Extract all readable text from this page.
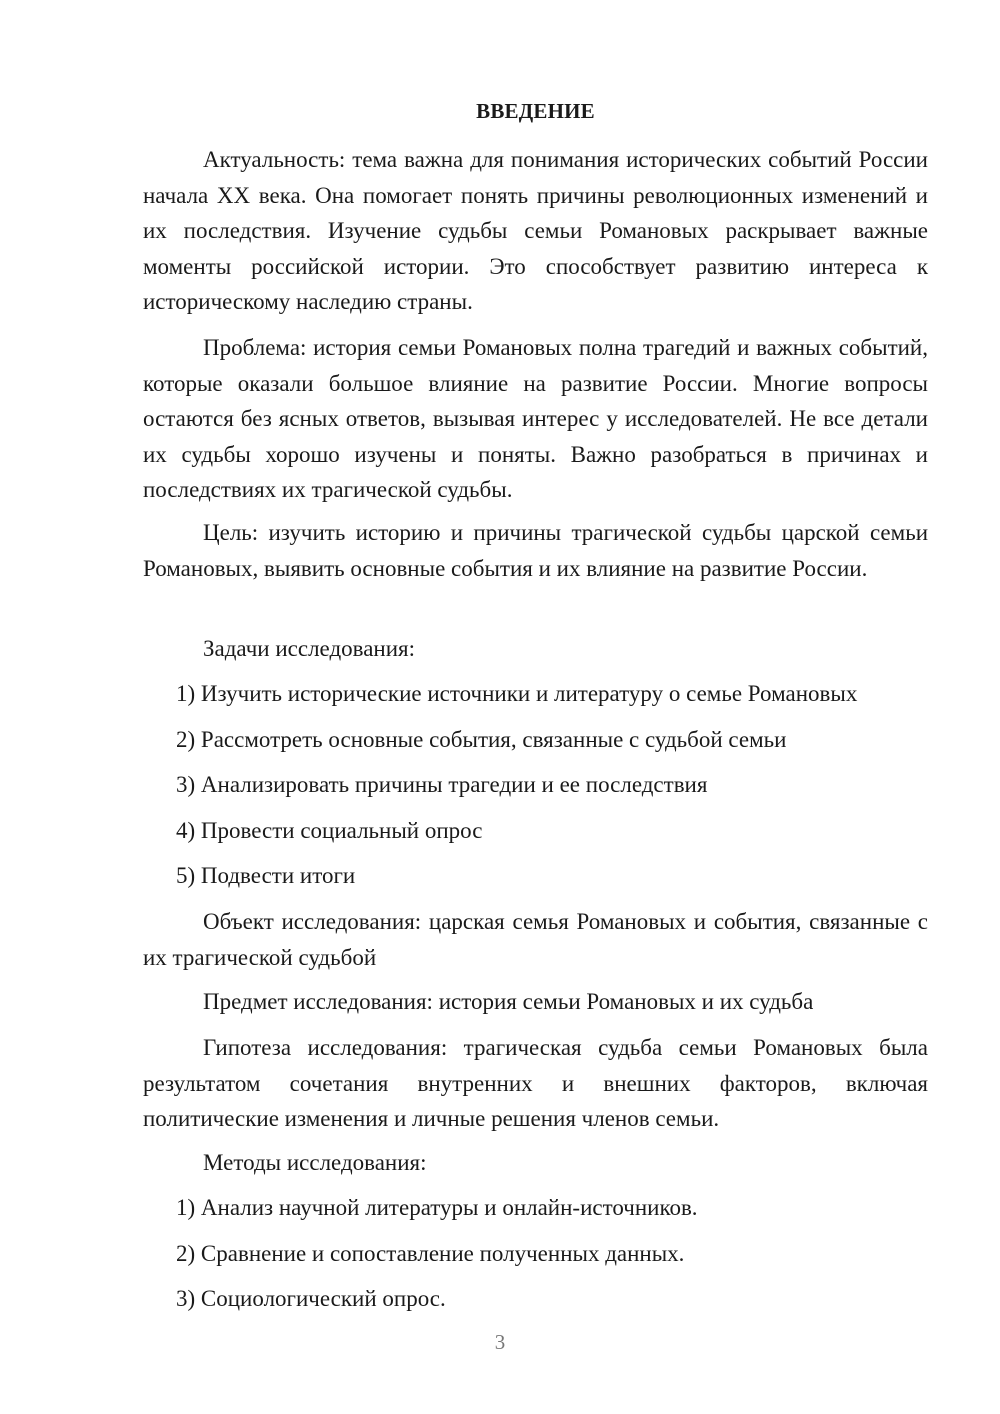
ВВЕДЕНИЕ

Актуальность: тема важна для понимания исторических событий России начала XX века. Она помогает понять причины революционных изменений и их последствия. Изучение судьбы семьи Романовых раскрывает важные моменты российской истории. Это способствует развитию интереса к историческому наследию страны.

Проблема: история семьи Романовых полна трагедий и важных событий, которые оказали большое влияние на развитие России. Многие вопросы остаются без ясных ответов, вызывая интерес у исследователей. Не все детали их судьбы хорошо изучены и поняты. Важно разобраться в причинах и последствиях их трагической судьбы.

Цель: изучить историю и причины трагической судьбы царской семьи Романовых, выявить основные события и их влияние на развитие России.

Задачи исследования:
1) Изучить исторические источники и литературу о семье Романовых
2) Рассмотреть основные события, связанные с судьбой семьи
3) Анализировать причины трагедии и ее последствия
4) Провести социальный опрос
5) Подвести итоги

Объект исследования: царская семья Романовых и события, связанные с их трагической судьбой

Предмет исследования: история семьи Романовых и их судьба

Гипотеза исследования: трагическая судьба семьи Романовых была результатом сочетания внутренних и внешних факторов, включая политические изменения и личные решения членов семьи.

Методы исследования:
1) Анализ научной литературы и онлайн-источников.
2) Сравнение и сопоставление полученных данных.
3) Социологический опрос.
3
